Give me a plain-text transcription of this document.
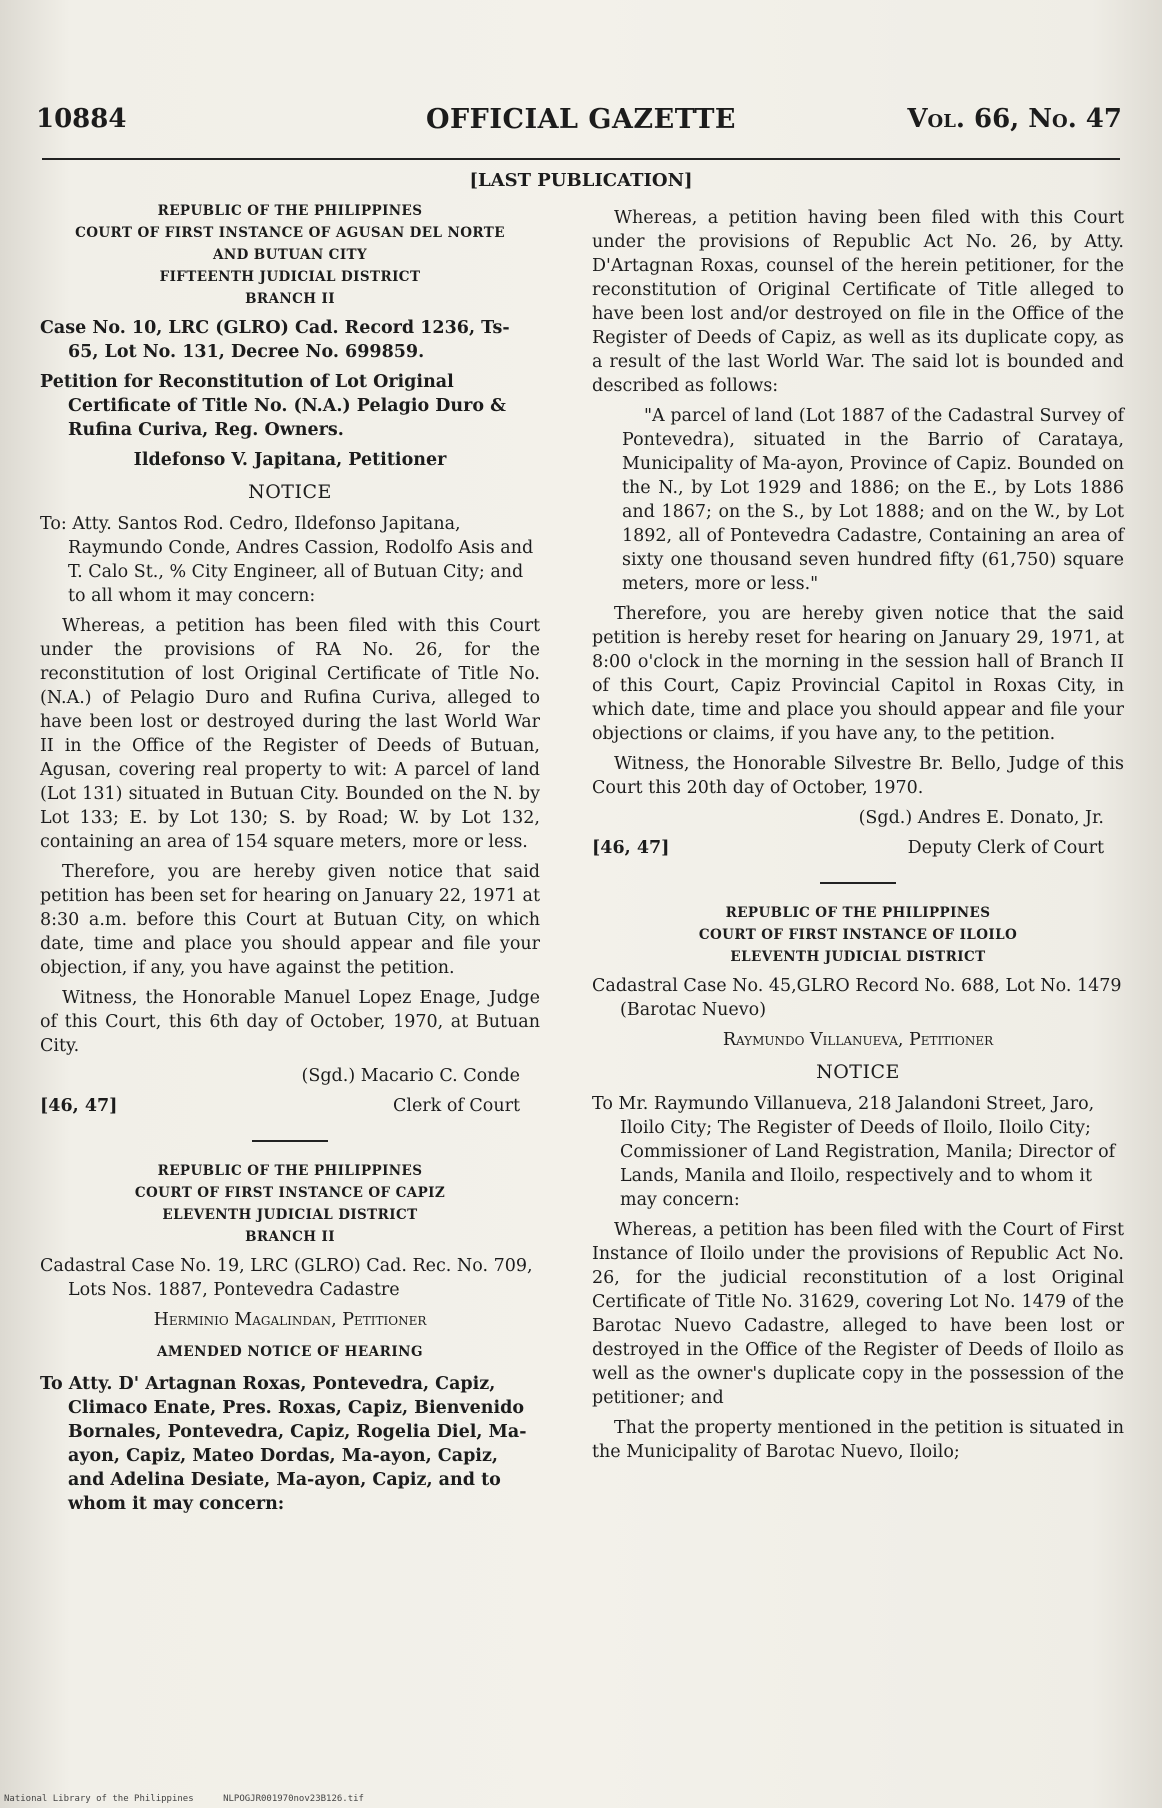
10884	OFFICIAL GAZETTE	Vol. 66, No. 47
[LAST PUBLICATION]
REPUBLIC OF THE PHILIPPINES
COURT OF FIRST INSTANCE OF AGUSAN DEL NORTE
AND BUTUAN CITY
FIFTEENTH JUDICIAL DISTRICT
BRANCH II
Case No. 10, LRC (GLRO) Cad. Record 1236, Ts-65, Lot No. 131, Decree No. 699859.
Petition for Reconstitution of Lot Original Certificate of Title No. (N.A.) Pelagio Duro & Rufina Curiva, Reg. Owners.
Ildefonso V. Japitana, Petitioner
NOTICE
To: Atty. Santos Rod. Cedro, Ildefonso Japitana, Raymundo Conde, Andres Cassion, Rodolfo Asis and T. Calo St., % City Engineer, all of Butuan City; and to all whom it may concern:
Whereas, a petition has been filed with this Court under the provisions of RA No. 26, for the reconstitution of lost Original Certificate of Title No. (N.A.) of Pelagio Duro and Rufina Curiva, alleged to have been lost or destroyed during the last World War II in the Office of the Register of Deeds of Butuan, Agusan, covering real property to wit: A parcel of land (Lot 131) situated in Butuan City. Bounded on the N. by Lot 133; E. by Lot 130; S. by Road; W. by Lot 132, containing an area of 154 square meters, more or less.
Therefore, you are hereby given notice that said petition has been set for hearing on January 22, 1971 at 8:30 a.m. before this Court at Butuan City, on which date, time and place you should appear and file your objection, if any, you have against the petition.
Witness, the Honorable Manuel Lopez Enage, Judge of this Court, this 6th day of October, 1970, at Butuan City.
(Sgd.) Macario C. Conde
[46, 47]	Clerk of Court
REPUBLIC OF THE PHILIPPINES
COURT OF FIRST INSTANCE OF CAPIZ
ELEVENTH JUDICIAL DISTRICT
BRANCH II
Cadastral Case No. 19, LRC (GLRO) Cad. Rec. No. 709, Lots Nos. 1887, Pontevedra Cadastre
Herminio Magalindan, Petitioner
AMENDED NOTICE OF HEARING
To Atty. D' Artagnan Roxas, Pontevedra, Capiz, Climaco Enate, Pres. Roxas, Capiz, Bienvenido Bornales, Pontevedra, Capiz, Rogelia Diel, Ma-ayon, Capiz, Mateo Dordas, Ma-ayon, Capiz, and Adelina Desiate, Ma-ayon, Capiz, and to whom it may concern:
Whereas, a petition having been filed with this Court under the provisions of Republic Act No. 26, by Atty. D'Artagnan Roxas, counsel of the herein petitioner, for the reconstitution of Original Certificate of Title alleged to have been lost and/or destroyed on file in the Office of the Register of Deeds of Capiz, as well as its duplicate copy, as a result of the last World War. The said lot is bounded and described as follows:
"A parcel of land (Lot 1887 of the Cadastral Survey of Pontevedra), situated in the Barrio of Carataya, Municipality of Ma-ayon, Province of Capiz. Bounded on the N., by Lot 1929 and 1886; on the E., by Lots 1886 and 1867; on the S., by Lot 1888; and on the W., by Lot 1892, all of Pontevedra Cadastre, Containing an area of sixty one thousand seven hundred fifty (61,750) square meters, more or less."
Therefore, you are hereby given notice that the said petition is hereby reset for hearing on January 29, 1971, at 8:00 o'clock in the morning in the session hall of Branch II of this Court, Capiz Provincial Capitol in Roxas City, in which date, time and place you should appear and file your objections or claims, if you have any, to the petition.
Witness, the Honorable Silvestre Br. Bello, Judge of this Court this 20th day of October, 1970.
(Sgd.) Andres E. Donato, Jr.
[46, 47]	Deputy Clerk of Court
REPUBLIC OF THE PHILIPPINES
COURT OF FIRST INSTANCE OF ILOILO
ELEVENTH JUDICIAL DISTRICT
Cadastral Case No. 45,GLRO Record No. 688, Lot No. 1479 (Barotac Nuevo)
Raymundo Villanueva, Petitioner
NOTICE
To Mr. Raymundo Villanueva, 218 Jalandoni Street, Jaro, Iloilo City; The Register of Deeds of Iloilo, Iloilo City; Commissioner of Land Registration, Manila; Director of Lands, Manila and Iloilo, respectively and to whom it may concern:
Whereas, a petition has been filed with the Court of First Instance of Iloilo under the provisions of Republic Act No. 26, for the judicial reconstitution of a lost Original Certificate of Title No. 31629, covering Lot No. 1479 of the Barotac Nuevo Cadastre, alleged to have been lost or destroyed in the Office of the Register of Deeds of Iloilo as well as the owner's duplicate copy in the possession of the petitioner; and
That the property mentioned in the petition is situated in the Municipality of Barotac Nuevo, Iloilo;
National Library of the Philippines	NLPOGJR001970nov23B126.tif
